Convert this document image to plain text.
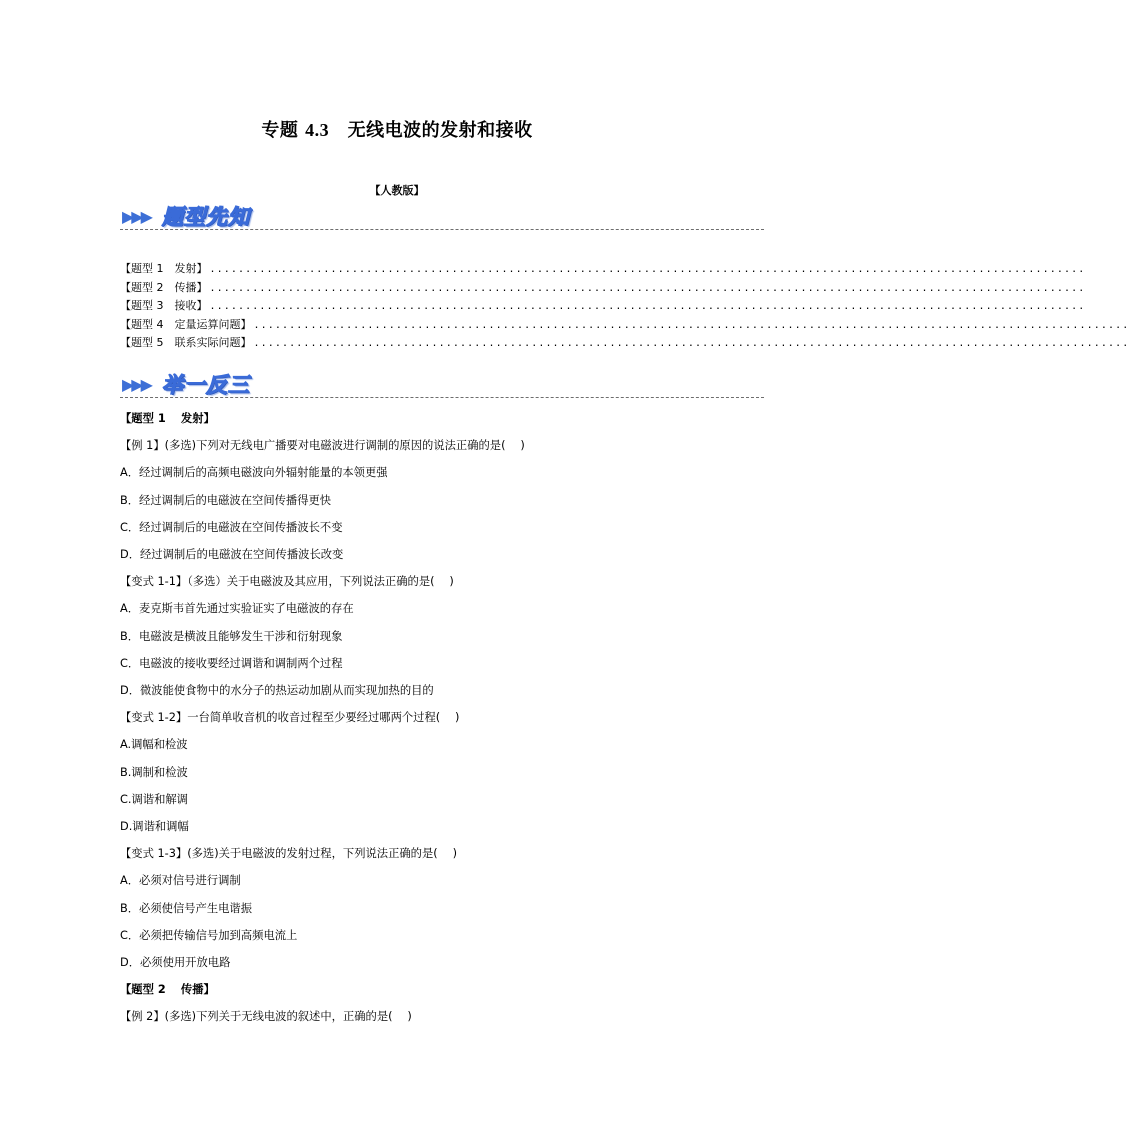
专题 4.3　无线电波的发射和接收
【人教版】
▶▶▶ 题型先知
【题型 1　发射】 ...........................................................................................................................
【题型 2　传播】 ...........................................................................................................................
【题型 3　接收】 ...........................................................................................................................
【题型 4　定量运算问题】 ...........................................................................................................................
【题型 5　联系实际问题】 ...........................................................................................................................
▶▶▶ 举一反三
【题型 1　 发射】
【例 1】(多选)下列对无线电广播要对电磁波进行调制的原因的说法正确的是(　 )
A．经过调制后的高频电磁波向外辐射能量的本领更强
B．经过调制后的电磁波在空间传播得更快
C．经过调制后的电磁波在空间传播波长不变
D．经过调制后的电磁波在空间传播波长改变
【变式 1-1】（多选）关于电磁波及其应用，下列说法正确的是(　 )
A．麦克斯韦首先通过实验证实了电磁波的存在
B．电磁波是横波且能够发生干涉和衍射现象
C．电磁波的接收要经过调谐和调制两个过程
D．微波能使食物中的水分子的热运动加剧从而实现加热的目的
【变式 1-2】一台简单收音机的收音过程至少要经过哪两个过程(　 )
A.调幅和检波
B.调制和检波
C.调谐和解调
D.调谐和调幅
【变式 1-3】(多选)关于电磁波的发射过程，下列说法正确的是(　 )
A．必须对信号进行调制
B．必须使信号产生电谐振
C．必须把传输信号加到高频电流上
D．必须使用开放电路
【题型 2　 传播】
【例 2】(多选)下列关于无线电波的叙述中，正确的是(　 )
